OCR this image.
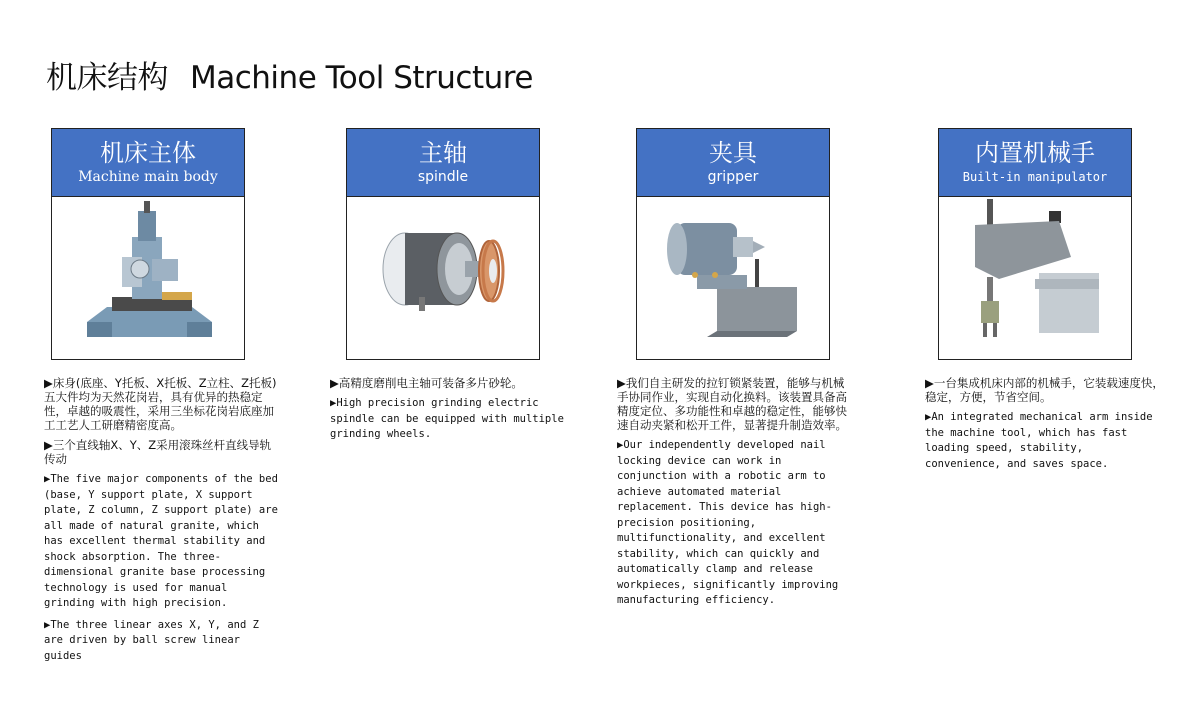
机床结构 Machine Tool Structure
机床主体
Machine main body

▶床身(底座、Y托板、X托板、Z立柱、Z托板)五大件均为天然花岗岩，具有优异的热稳定性，卓越的吸震性，采用三坐标花岗岩底座加工工艺人工研磨精密度高。

▶三个直线轴X、Y、Z采用滚珠丝杆直线导轨传动

▶The five major components of the bed (base, Y support plate, X support plate, Z column, Z support plate) are all made of natural granite, which has excellent thermal stability and shock absorption. The three-dimensional granite base processing technology is used for manual grinding with high precision.

▶The three linear axes X, Y, and Z are driven by ball screw linear guides

主轴
spindle

▶高精度磨削电主轴可装备多片砂轮。

▶High precision grinding electric spindle can be equipped with multiple grinding wheels.

夹具
gripper

▶我们自主研发的拉钉锁紧装置，能够与机械手协同作业，实现自动化换料。该装置具备高精度定位、多功能性和卓越的稳定性，能够快速自动夹紧和松开工件，显著提升制造效率。

▶Our independently developed nail locking device can work in conjunction with a robotic arm to achieve automated material replacement. This device has high-precision positioning, multifunctionality, and excellent stability, which can quickly and automatically clamp and release workpieces, significantly improving manufacturing efficiency.

内置机械手
Built-in manipulator

▶一台集成机床内部的机械手，它装载速度快，稳定，方便，节省空间。

▶An integrated mechanical arm inside the machine tool, which has fast loading speed, stability, convenience, and saves space.
